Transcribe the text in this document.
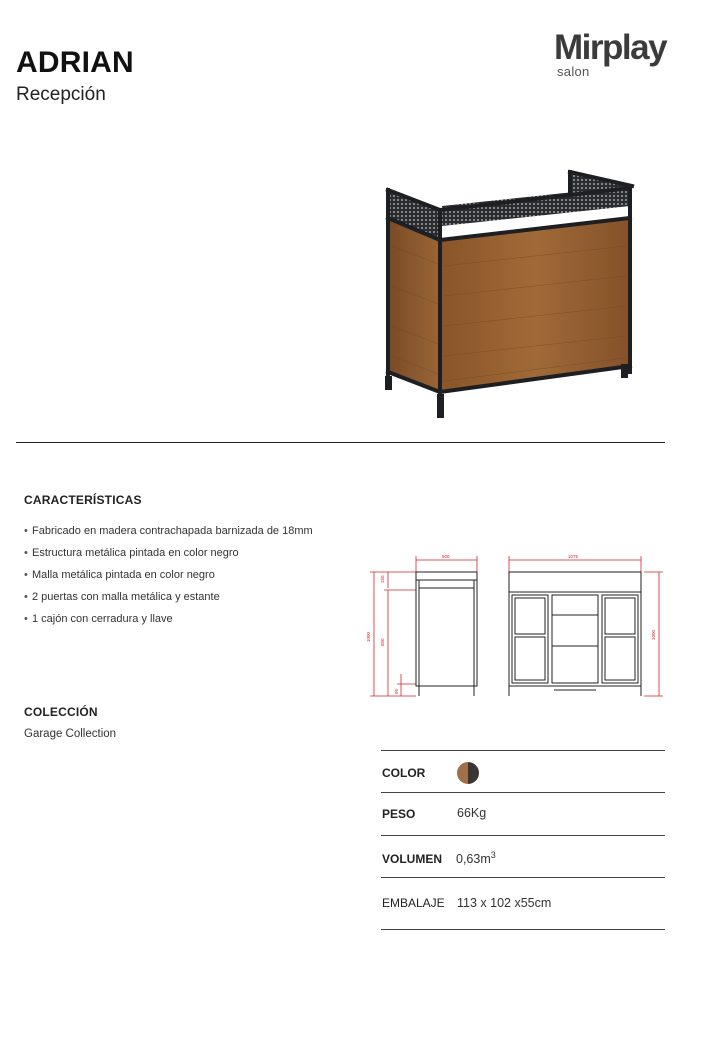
ADRIAN
Recepción
Mirplay
salon
CARACTERÍSTICAS
• Fabricado en madera contrachapada barnizada de 18mm
• Estructura metálica pintada en color negro
• Malla metálica pintada en color negro
• 2 puertas con malla metálica y estante
• 1 cajón con cerradura y llave
COLECCIÓN
Garage Collection
500
1000
150
850
95
1075
1000
COLOR
PESO	66Kg
VOLUMEN $0,63m^3$
EMBALAJE 113 x 102 x55cm
